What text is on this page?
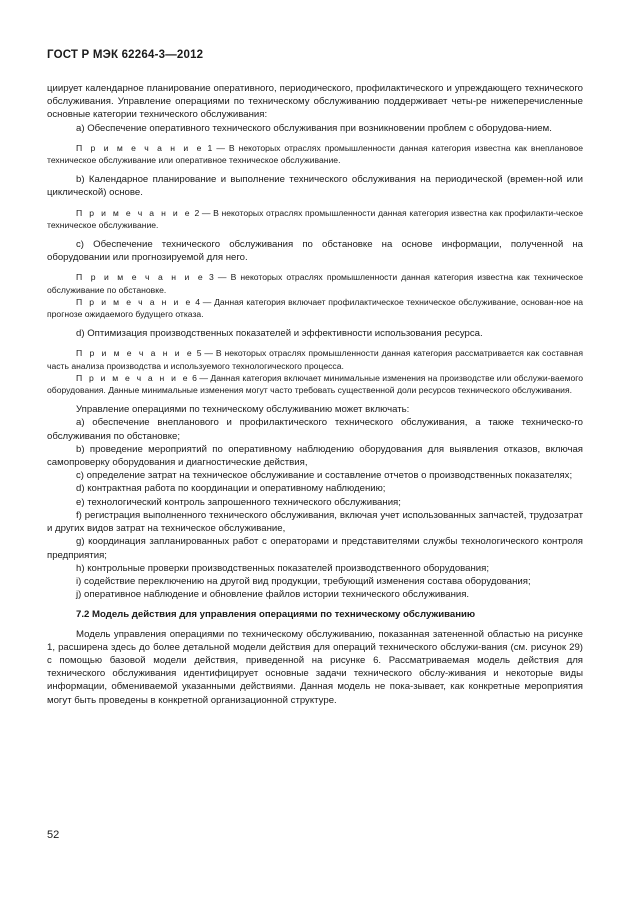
ГОСТ Р МЭК 62264-3—2012

циирует календарное планирование оперативного, периодического, профилактического и упреждающего технического обслуживания. Управление операциями по техническому обслуживанию поддерживает четы-ре нижеперечисленные основные категории технического обслуживания:

a) Обеспечение оперативного технического обслуживания при возникновении проблем с оборудова-нием.

П р и м е ч а н и е 1 — В некоторых отраслях промышленности данная категория известна как внеплановое техническое обслуживание или оперативное техническое обслуживание.

b) Календарное планирование и выполнение технического обслуживания на периодической (времен-ной или циклической) основе.

П р и м е ч а н и е 2 — В некоторых отраслях промышленности данная категория известна как профилакти-ческое техническое обслуживание.

c) Обеспечение технического обслуживания по обстановке на основе информации, полученной на оборудовании или прогнозируемой для него.

П р и м е ч а н и е 3 — В некоторых отраслях промышленности данная категория известна как техническое обслуживание по обстановке.

П р и м е ч а н и е 4 — Данная категория включает профилактическое техническое обслуживание, основан-ное на прогнозе ожидаемого будущего отказа.

d) Оптимизация производственных показателей и эффективности использования ресурса.

П р и м е ч а н и е 5 — В некоторых отраслях промышленности данная категория рассматривается как составная часть анализа производства и используемого технологического процесса.

П р и м е ч а н и е 6 — Данная категория включает минимальные изменения на производстве или обслужи-ваемого оборудования. Данные минимальные изменения могут часто требовать существенной доли ресурсов технического обслуживания.

Управление операциями по техническому обслуживанию может включать:

а) обеспечение внепланового и профилактического технического обслуживания, а также техническо-го обслуживания по обстановке;

b) проведение мероприятий по оперативному наблюдению оборудования для выявления отказов, включая самопроверку оборудования и диагностические действия,

c) определение затрат на техническое обслуживание и составление отчетов о производственных показателях;

d) контрактная работа по координации и оперативному наблюдению;

e) технологический контроль запрошенного технического обслуживания;

f) регистрация выполненного технического обслуживания, включая учет использованных запчастей, трудозатрат и других видов затрат на техническое обслуживание,

g) координация запланированных работ с операторами и представителями службы технологического контроля предприятия;

h) контрольные проверки производственных показателей производственного оборудования;

i) содействие переключению на другой вид продукции, требующий изменения состава оборудования;

j) оперативное наблюдение и обновление файлов истории технического обслуживания.

7.2 Модель действия для управления операциями по техническому обслуживанию

Модель управления операциями по техническому обслуживанию, показанная затененной областью на рисунке 1, расширена здесь до более детальной модели действия для операций технического обслужи-вания (см. рисунок 29) с помощью базовой модели действия, приведенной на рисунке 6. Рассматриваемая модель действия для технического обслуживания идентифицирует основные задачи технического обслу-живания и некоторые виды информации, обмениваемой указанными действиями. Данная модель не пока-зывает, как конкретные мероприятия могут быть проведены в конкретной организационной структуре.

52
